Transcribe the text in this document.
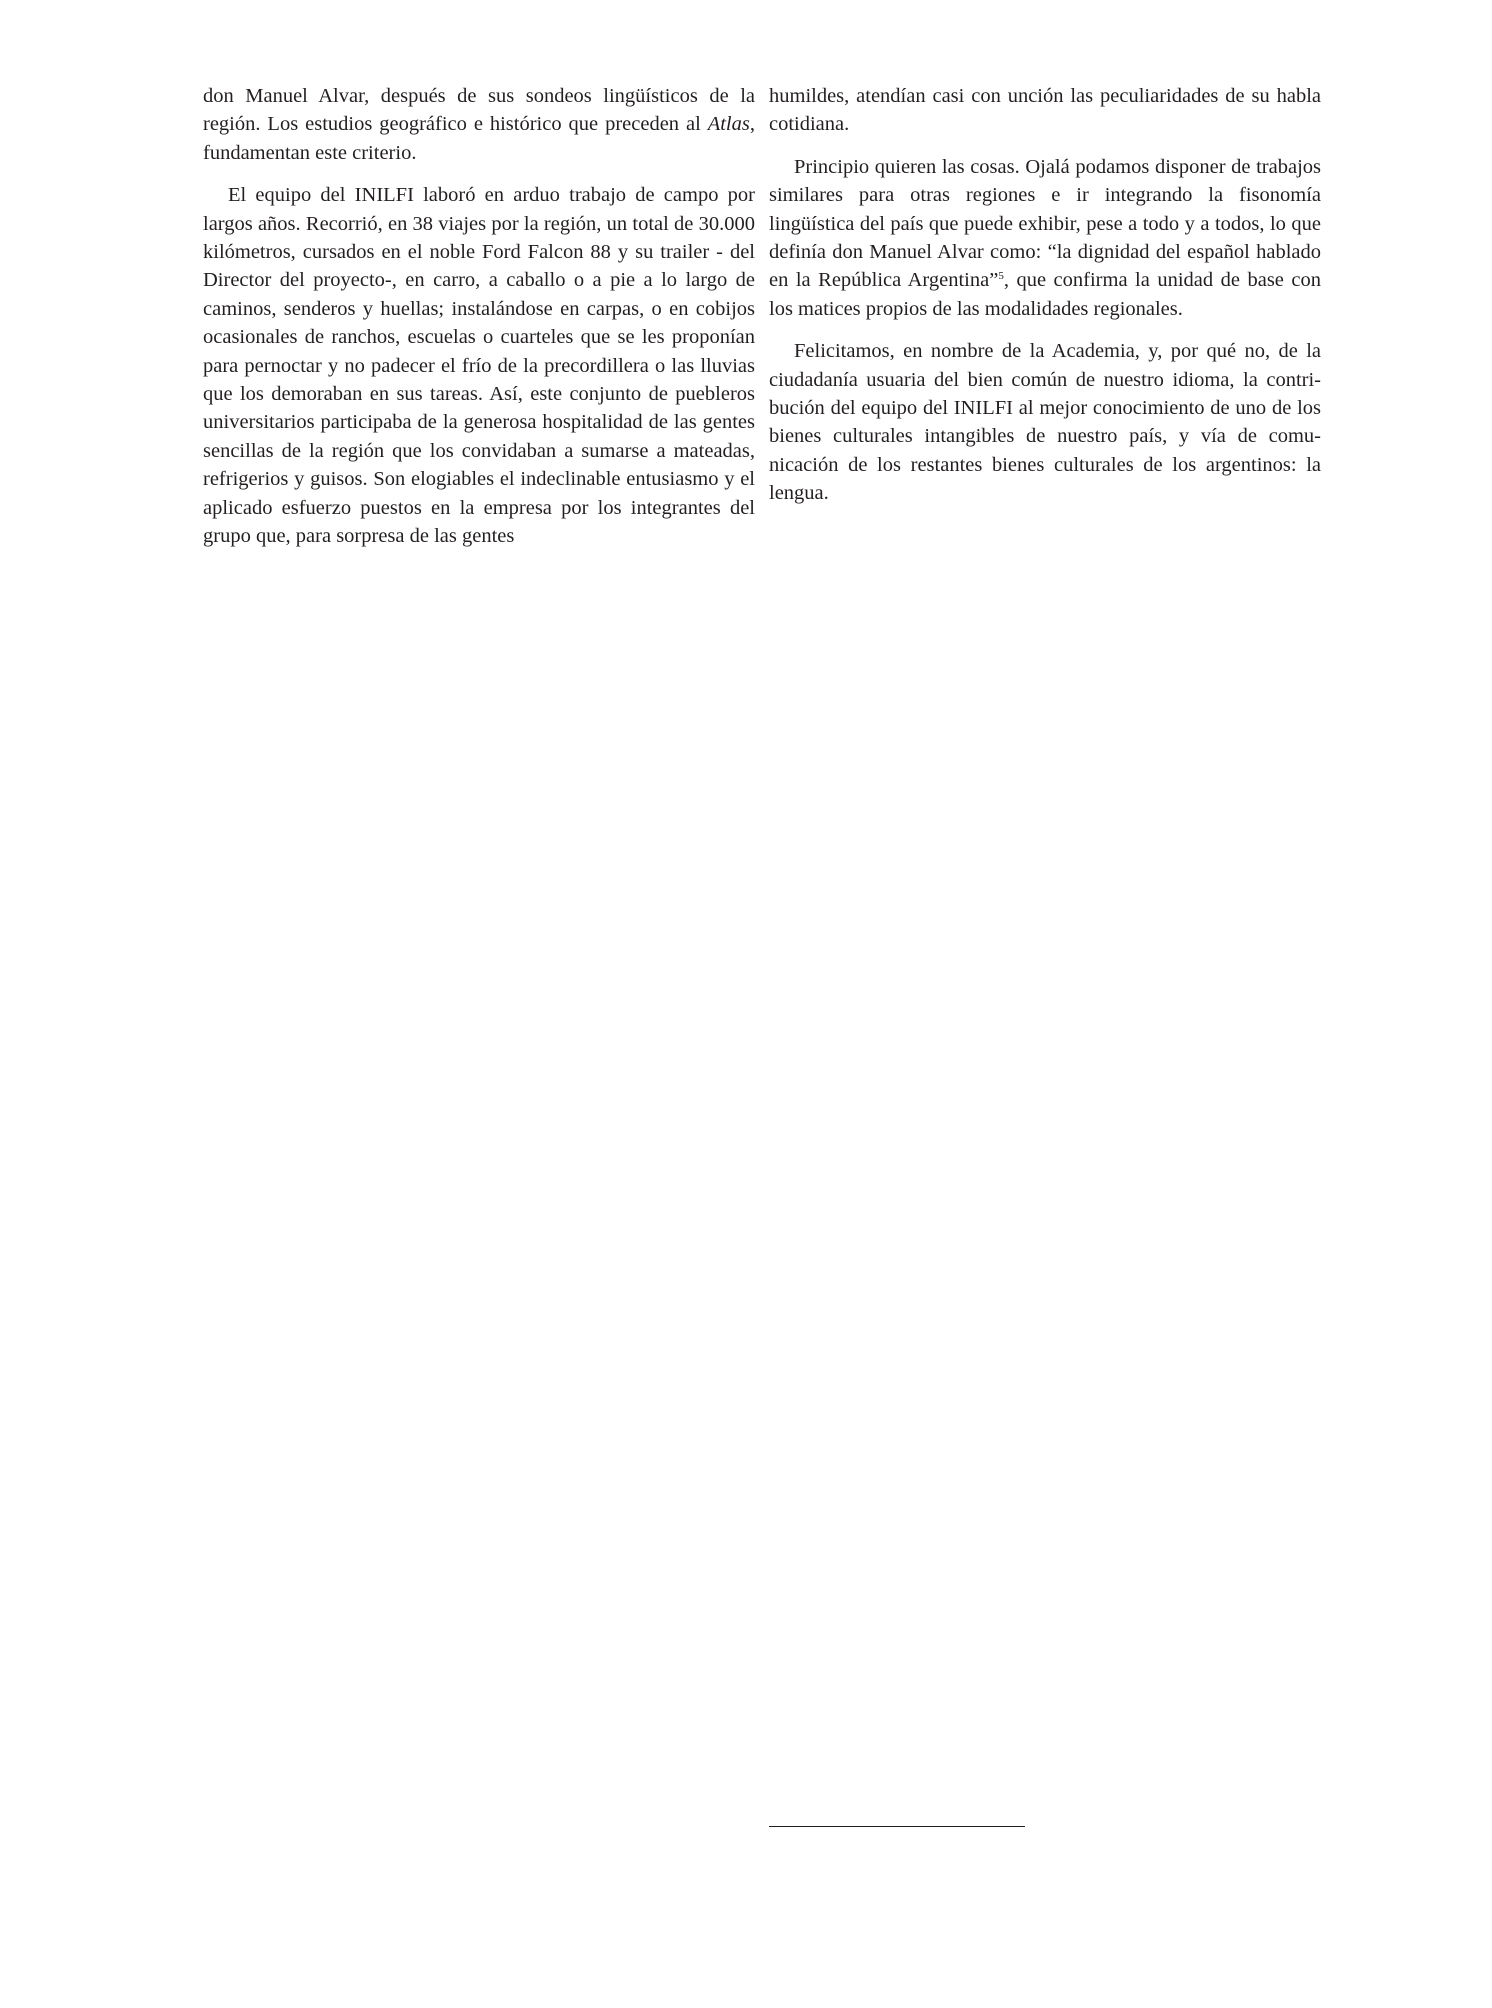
don Manuel Alvar, después de sus sondeos lingüísticos de la región. Los estudios geográfico e histórico que preceden al Atlas, fundamentan este criterio.

El equipo del INILFI laboró en arduo trabajo de campo por largos años. Recorrió, en 38 viajes por la región, un total de 30.000 kilómetros, cursados en el noble Ford Falcon 88 y su trailer - del Director del proyecto-, en carro, a caballo o a pie a lo largo de caminos, senderos y huellas; instalándose en carpas, o en cobijos ocasionales de ranchos, escuelas o cuarteles que se les proponían para pernoctar y no padecer el frío de la precordillera o las lluvias que los demoraban en sus tareas. Así, este conjunto de puebleros universitarios participaba de la generosa hospitalidad de las gentes sencillas de la región que los convidaban a sumarse a mateadas, refrigerios y guisos. Son elogiables el indeclinable entusiasmo y el aplicado esfuerzo puestos en la empresa por los integrantes del grupo que, para sorpresa de las gentes

humildes, atendían casi con unción las peculiaridades de su habla cotidiana.

Principio quieren las cosas. Ojalá podamos disponer de trabajos similares para otras regiones e ir integrando la fisonomía lingüística del país que puede exhibir, pese a todo y a todos, lo que definía don Manuel Alvar como: “la dignidad del español hablado en la República Argentina”$^5$, que confirma la unidad de base con los matices propios de las modalidades regionales.

Felicitamos, en nombre de la Academia, y, por qué no, de la ciudadanía usuaria del bien común de nuestro idioma, la contribución del equipo del INILFI al mejor conocimiento de uno de los bienes culturales intangibles de nuestro país, y vía de comunicación de los restantes bienes culturales de los argentinos: la lengua.
